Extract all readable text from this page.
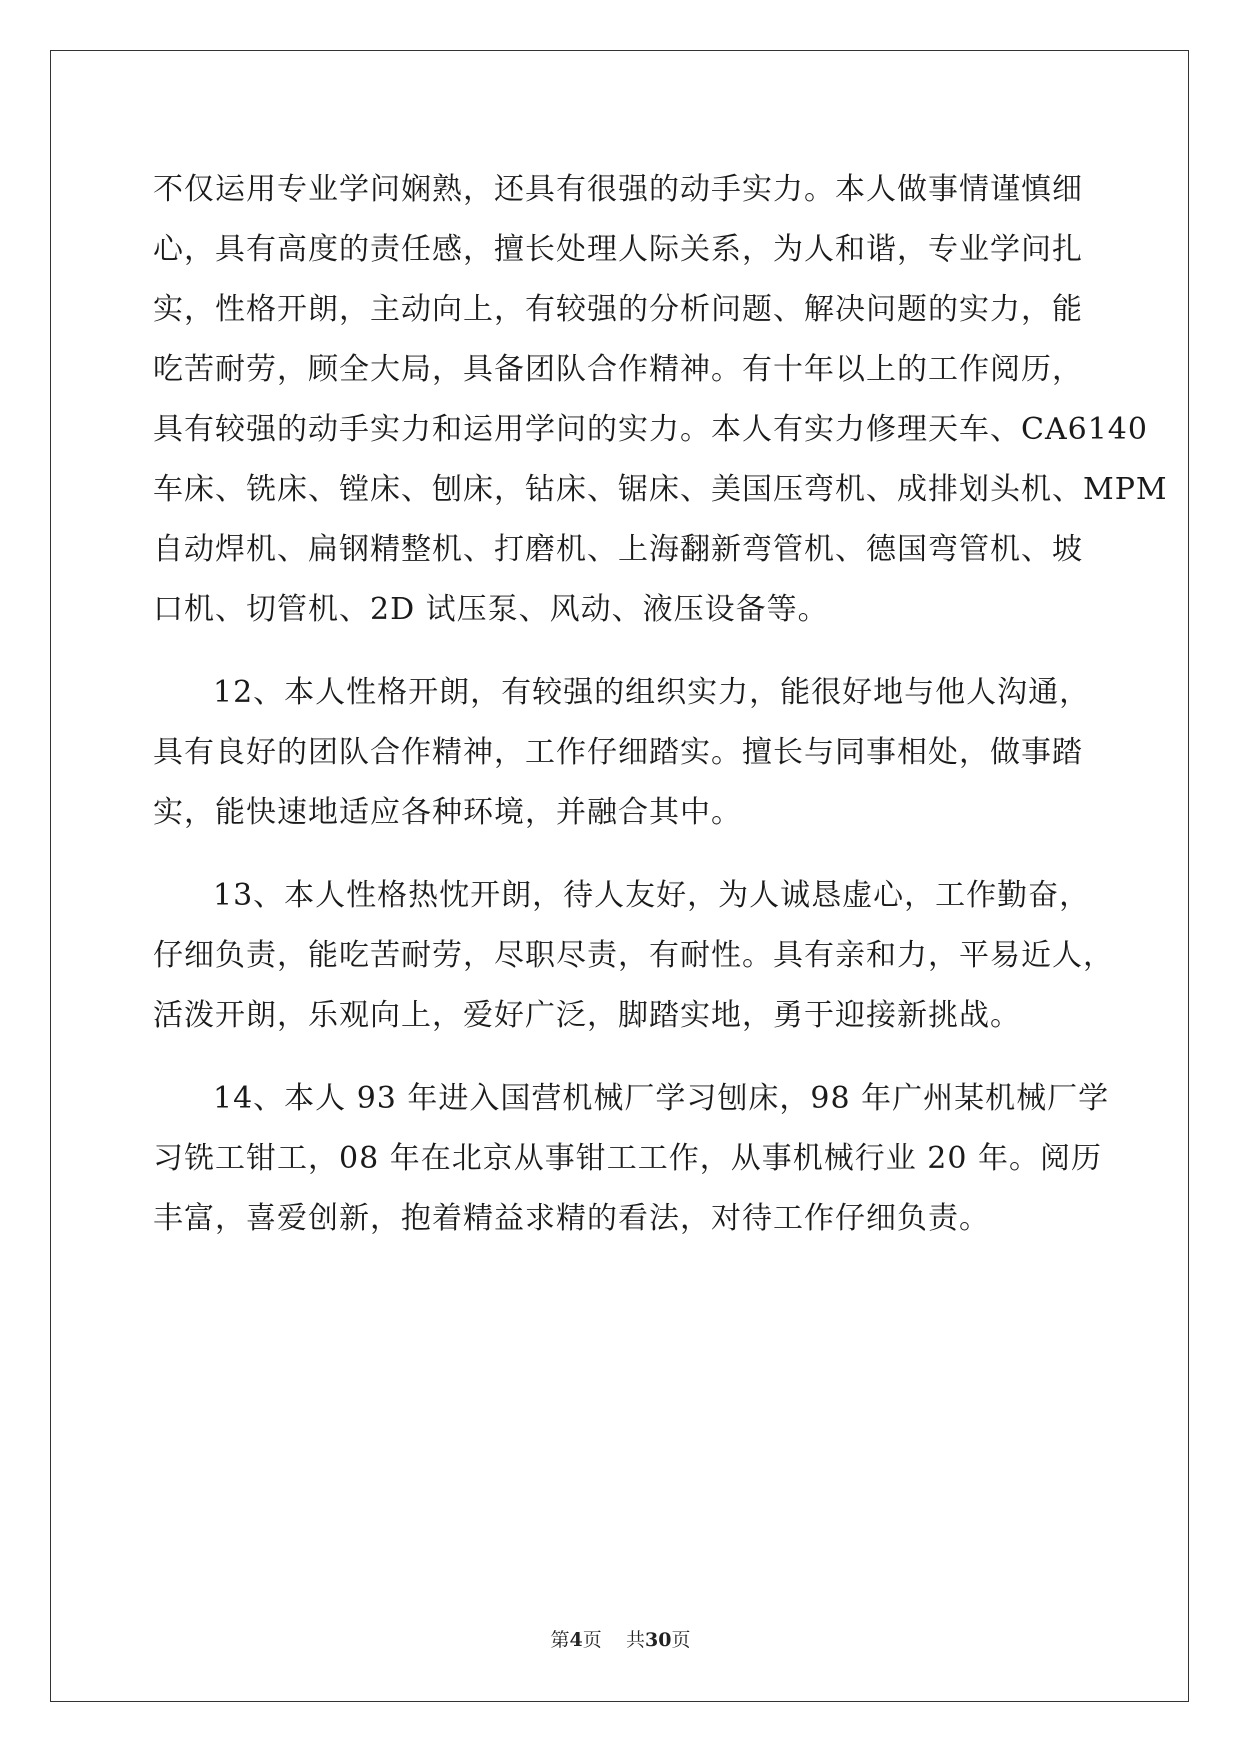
不仅运用专业学问娴熟，还具有很强的动手实力。本人做事情谨慎细
心，具有高度的责任感，擅长处理人际关系，为人和谐，专业学问扎
实，性格开朗，主动向上，有较强的分析问题、解决问题的实力，能
吃苦耐劳，顾全大局，具备团队合作精神。有十年以上的工作阅历，
具有较强的动手实力和运用学问的实力。本人有实力修理天车、CA6140
车床、铣床、镗床、刨床，钻床、锯床、美国压弯机、成排划头机、MPM
自动焊机、扁钢精整机、打磨机、上海翻新弯管机、德国弯管机、坡
口机、切管机、2D 试压泵、风动、液压设备等。
12、本人性格开朗，有较强的组织实力，能很好地与他人沟通，
具有良好的团队合作精神，工作仔细踏实。擅长与同事相处，做事踏
实，能快速地适应各种环境，并融合其中。
13、本人性格热忱开朗，待人友好，为人诚恳虚心，工作勤奋，
仔细负责，能吃苦耐劳，尽职尽责，有耐性。具有亲和力，平易近人，
活泼开朗，乐观向上，爱好广泛，脚踏实地，勇于迎接新挑战。
14、本人 93 年进入国营机械厂学习刨床，98 年广州某机械厂学
习铣工钳工，08 年在北京从事钳工工作，从事机械行业 20 年。阅历
丰富，喜爱创新，抱着精益求精的看法，对待工作仔细负责。
第4页 共30页
